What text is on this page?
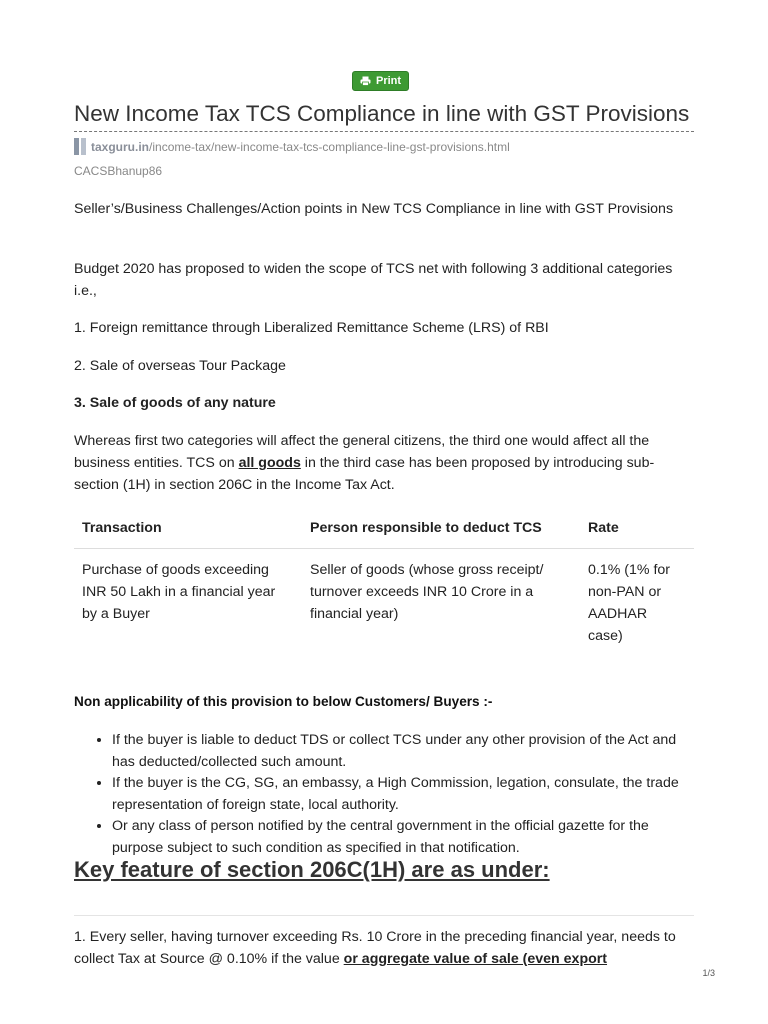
Print
New Income Tax TCS Compliance in line with GST Provisions
taxguru.in /income-tax/new-income-tax-tcs-compliance-line-gst-provisions.html
CACSBhanup86

Seller’s/Business Challenges/Action points in New TCS Compliance in line with GST Provisions

Budget 2020 has proposed to widen the scope of TCS net with following 3 additional categories i.e.,

1. Foreign remittance through Liberalized Remittance Scheme (LRS) of RBI

2. Sale of overseas Tour Package

3. Sale of goods of any nature

Whereas first two categories will affect the general citizens, the third one would affect all the business entities. TCS on all goods in the third case has been proposed by introducing sub-section (1H) in section 206C in the Income Tax Act.

Transaction	Person responsible to deduct TCS	Rate
Purchase of goods exceeding INR 50 Lakh in a financial year by a Buyer	Seller of goods (whose gross receipt/ turnover exceeds INR 10 Crore in a financial year)	0.1% (1% for non-PAN or AADHAR case)
Non applicability of this provision to below Customers/ Buyers :-
• If the buyer is liable to deduct TDS or collect TCS under any other provision of the Act and has deducted/collected such amount.
• If the buyer is the CG, SG, an embassy, a High Commission, legation, consulate, the trade representation of foreign state, local authority.
• Or any class of person notified by the central government in the official gazette for the purpose subject to such condition as specified in that notification.
Key feature of section 206C(1H) are as under:

1. Every seller, having turnover exceeding Rs. 10 Crore in the preceding financial year, needs to collect Tax at Source @ 0.10% if the value or aggregate value of sale (even export

1/3
